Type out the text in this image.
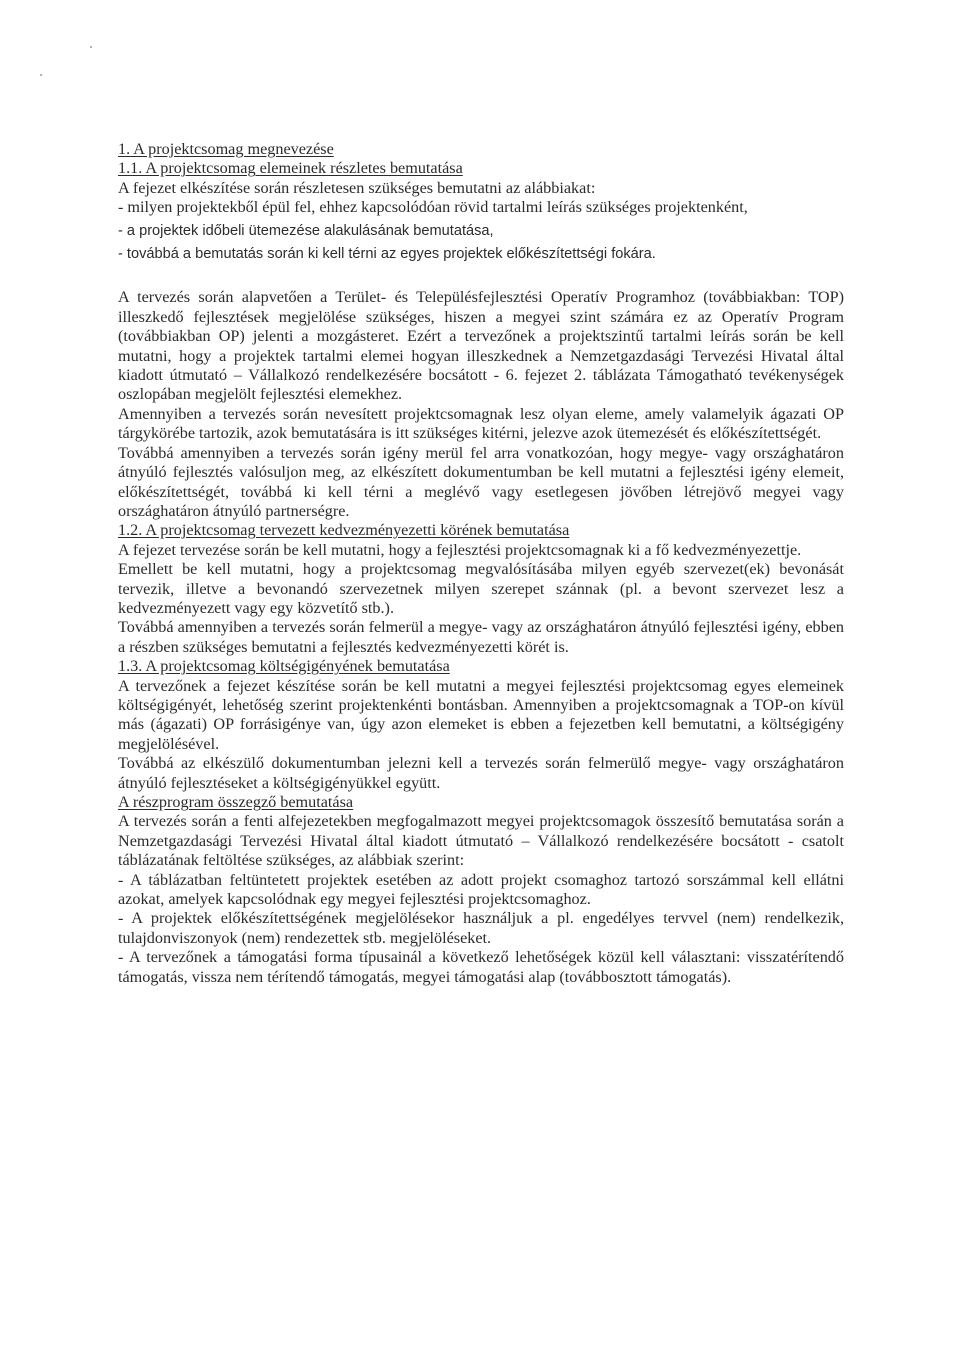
1. A projektcsomag megnevezése

1.1. A projektcsomag elemeinek részletes bemutatása

A fejezet elkészítése során részletesen szükséges bemutatni az alábbiakat:

- milyen projektekből épül fel, ehhez kapcsolódóan rövid tartalmi leírás szükséges projektenként,

- a projektek időbeli ütemezése alakulásának bemutatása,

- továbbá a bemutatás során ki kell térni az egyes projektek előkészítettségi fokára.

A tervezés során alapvetően a Terület- és Településfejlesztési Operatív Programhoz (továbbiakban: TOP) illeszkedő fejlesztések megjelölése szükséges, hiszen a megyei szint számára ez az Operatív Program (továbbiakban OP) jelenti a mozgásteret. Ezért a tervezőnek a projektszintű tartalmi leírás során be kell mutatni, hogy a projektek tartalmi elemei hogyan illeszkednek a Nemzetgazdasági Tervezési Hivatal által kiadott útmutató – Vállalkozó rendelkezésére bocsátott - 6. fejezet 2. táblázata Támogatható tevékenységek oszlopában megjelölt fejlesztési elemekhez.

Amennyiben a tervezés során nevesített projektcsomagnak lesz olyan eleme, amely valamelyik ágazati OP tárgykörébe tartozik, azok bemutatására is itt szükséges kitérni, jelezve azok ütemezését és előkészítettségét.

Továbbá amennyiben a tervezés során igény merül fel arra vonatkozóan, hogy megye- vagy országhatáron átnyúló fejlesztés valósuljon meg, az elkészített dokumentumban be kell mutatni a fejlesztési igény elemeit, előkészítettségét, továbbá ki kell térni a meglévő vagy esetlegesen jövőben létrejövő megyei vagy országhatáron átnyúló partnerségre.

1.2. A projektcsomag tervezett kedvezményezetti körének bemutatása

A fejezet tervezése során be kell mutatni, hogy a fejlesztési projektcsomagnak ki a fő kedvezményezettje.

Emellett be kell mutatni, hogy a projektcsomag megvalósításába milyen egyéb szervezet(ek) bevonását tervezik, illetve a bevonandó szervezetnek milyen szerepet szánnak (pl. a bevont szervezet lesz a kedvezményezett vagy egy közvetítő stb.).

Továbbá amennyiben a tervezés során felmerül a megye- vagy az országhatáron átnyúló fejlesztési igény, ebben a részben szükséges bemutatni a fejlesztés kedvezményezetti körét is.

1.3. A projektcsomag költségigényének bemutatása

A tervezőnek a fejezet készítése során be kell mutatni a megyei fejlesztési projektcsomag egyes elemeinek költségigényét, lehetőség szerint projektenkénti bontásban. Amennyiben a projektcsomagnak a TOP-on kívül más (ágazati) OP forrásigénye van, úgy azon elemeket is ebben a fejezetben kell bemutatni, a költségigény megjelölésével.

Továbbá az elkészülő dokumentumban jelezni kell a tervezés során felmerülő megye- vagy országhatáron átnyúló fejlesztéseket a költségigényükkel együtt.

A részprogram összegző bemutatása

A tervezés során a fenti alfejezetekben megfogalmazott megyei projektcsomagok összesítő bemutatása során a Nemzetgazdasági Tervezési Hivatal által kiadott útmutató – Vállalkozó rendelkezésére bocsátott - csatolt táblázatának feltöltése szükséges, az alábbiak szerint:

- A táblázatban feltüntetett projektek esetében az adott projekt csomaghoz tartozó sorszámmal kell ellátni azokat, amelyek kapcsolódnak egy megyei fejlesztési projektcsomaghoz.

- A projektek előkészítettségének megjelölésekor használjuk a pl. engedélyes tervvel (nem) rendelkezik, tulajdonviszonyok (nem) rendezettek stb. megjelöléseket.

- A tervezőnek a támogatási forma típusainál a következő lehetőségek közül kell választani: visszatérítendő támogatás, vissza nem térítendő támogatás, megyei támogatási alap (továbbosztott támogatás).
